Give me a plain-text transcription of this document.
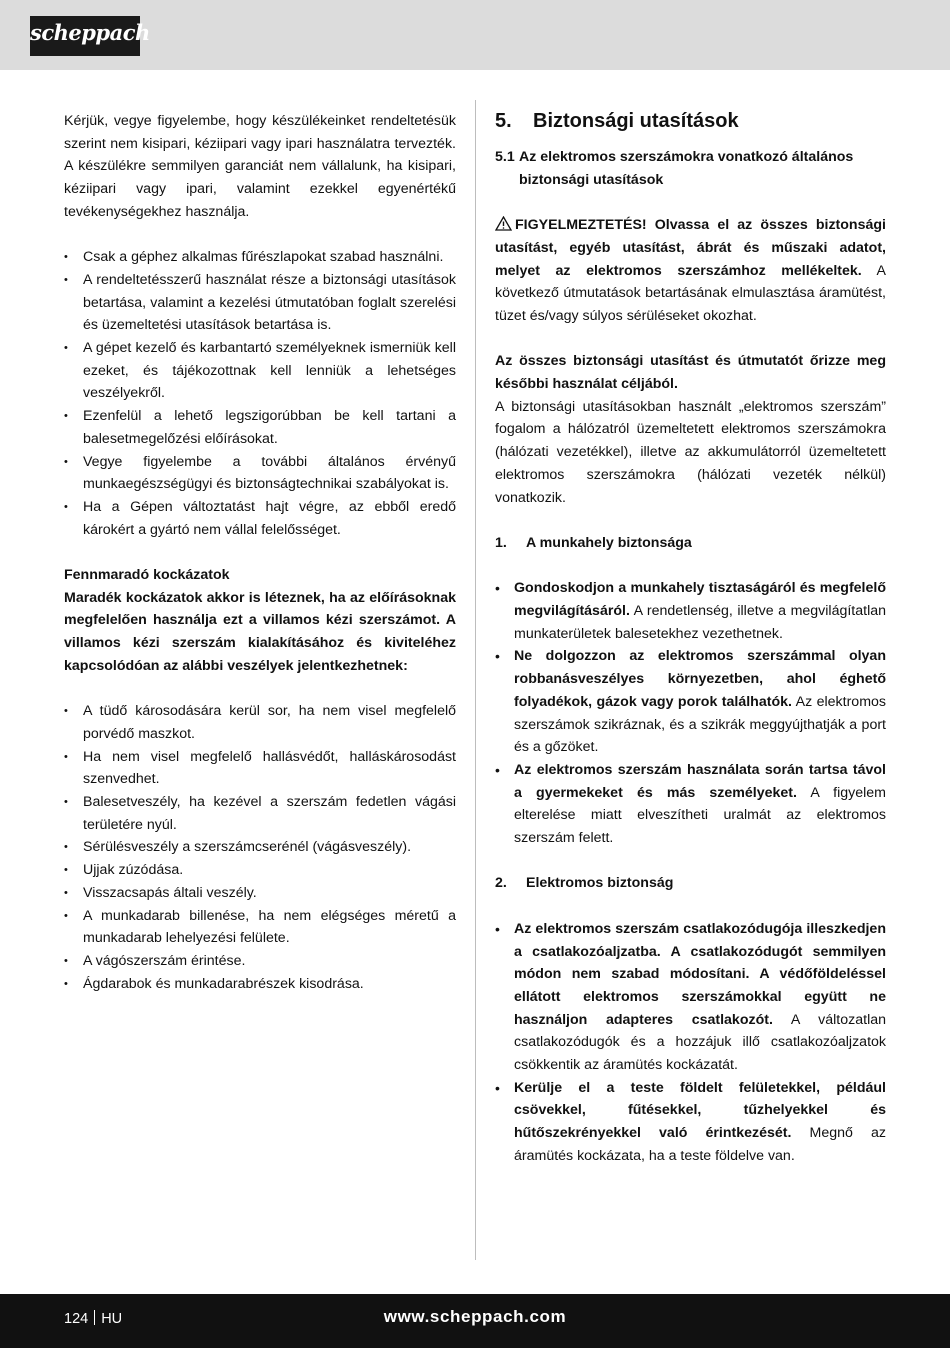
scheppach

Kérjük, vegye figyelembe, hogy készülékeinket rendeltetésük szerint nem kisipari, kéziipari vagy ipari használatra tervezték. A készülékre semmilyen garanciát nem vállalunk, ha kisipari, kéziipari vagy ipari, valamint ezekkel egyenértékű tevékenységekhez használja.

• Csak a géphez alkalmas fűrészlapokat szabad használni.
• A rendeltetésszerű használat része a biztonsági utasítások betartása, valamint a kezelési útmutatóban foglalt szerelési és üzemeltetési utasítások betartása is.
• A gépet kezelő és karbantartó személyeknek ismerniük kell ezeket, és tájékozottnak kell lenniük a lehetséges veszélyekről.
• Ezenfelül a lehető legszigorúbban be kell tartani a balesetmegelőzési előírásokat.
• Vegye figyelembe a további általános érvényű munkaegészségügyi és biztonságtechnikai szabályokat is.
• Ha a Gépen változtatást hajt végre, az ebből eredő károkért a gyártó nem vállal felelősséget.

Fennmaradó kockázatok

Maradék kockázatok akkor is léteznek, ha az előírásoknak megfelelően használja ezt a villamos kézi szerszámot. A villamos kézi szerszám kialakításához és kiviteléhez kapcsolódóan az alábbi veszélyek jelentkezhetnek:

• A tüdő károsodására kerül sor, ha nem visel megfelelő porvédő maszkot.
• Ha nem visel megfelelő hallásvédőt, halláskárosodást szenvedhet.
• Balesetveszély, ha kezével a szerszám fedetlen vágási területére nyúl.
• Sérülésveszély a szerszámcserénél (vágásveszély).
• Ujjak zúzódása.
• Visszacsapás általi veszély.
• A munkadarab billenése, ha nem elégséges méretű a munkadarab lehelyezési felülete.
• A vágószerszám érintése.
• Ágdarabok és munkadarabrészek kisodrása.
5. Biztonsági utasítások
5.1 Az elektromos szerszámokra vonatkozó általános biztonsági utasítások

FIGYELMEZTETÉS! Olvassa el az összes biztonsági utasítást, egyéb utasítást, ábrát és műszaki adatot, melyet az elektromos szerszámhoz mellékeltek. A következő útmutatások betartásának elmulasztása áramütést, tüzet és/vagy súlyos sérüléseket okozhat.

Az összes biztonsági utasítást és útmutatót őrizze meg későbbi használat céljából.

A biztonsági utasításokban használt „elektromos szerszám” fogalom a hálózatról üzemeltetett elektromos szerszámokra (hálózati vezetékkel), illetve az akkumulátorról üzemeltetett elektromos szerszámokra (hálózati vezeték nélkül) vonatkozik.

1. A munkahely biztonsága
• Gondoskodjon a munkahely tisztaságáról és megfelelő megvilágításáról. A rendetlenség, illetve a megvilágítatlan munkaterületek balesetekhez vezethetnek.
• Ne dolgozzon az elektromos szerszámmal olyan robbanásveszélyes környezetben, ahol éghető folyadékok, gázok vagy porok találhatók. Az elektromos szerszámok szikráznak, és a szikrák meggyújthatják a port és a gőzöket.
• Az elektromos szerszám használata során tartsa távol a gyermekeket és más személyeket. A figyelem elterelése miatt elveszítheti uralmát az elektromos szerszám felett.
2. Elektromos biztonság
• Az elektromos szerszám csatlakozódugója illeszkedjen a csatlakozóaljzatba. A csatlakozódugót semmilyen módon nem szabad módosítani. A védőföldeléssel ellátott elektromos szerszámokkal együtt ne használjon adapteres csatlakozót. A változatlan csatlakozódugók és a hozzájuk illő csatlakozóaljzatok csökkentik az áramütés kockázatát.
• Kerülje el a teste földelt felületekkel, például csövekkel, fűtésekkel, tűzhelyekkel és hűtőszekrényekkel való érintkezését. Megnő az áramütés kockázata, ha a teste földelve van.
124 HU	www.scheppach.com
